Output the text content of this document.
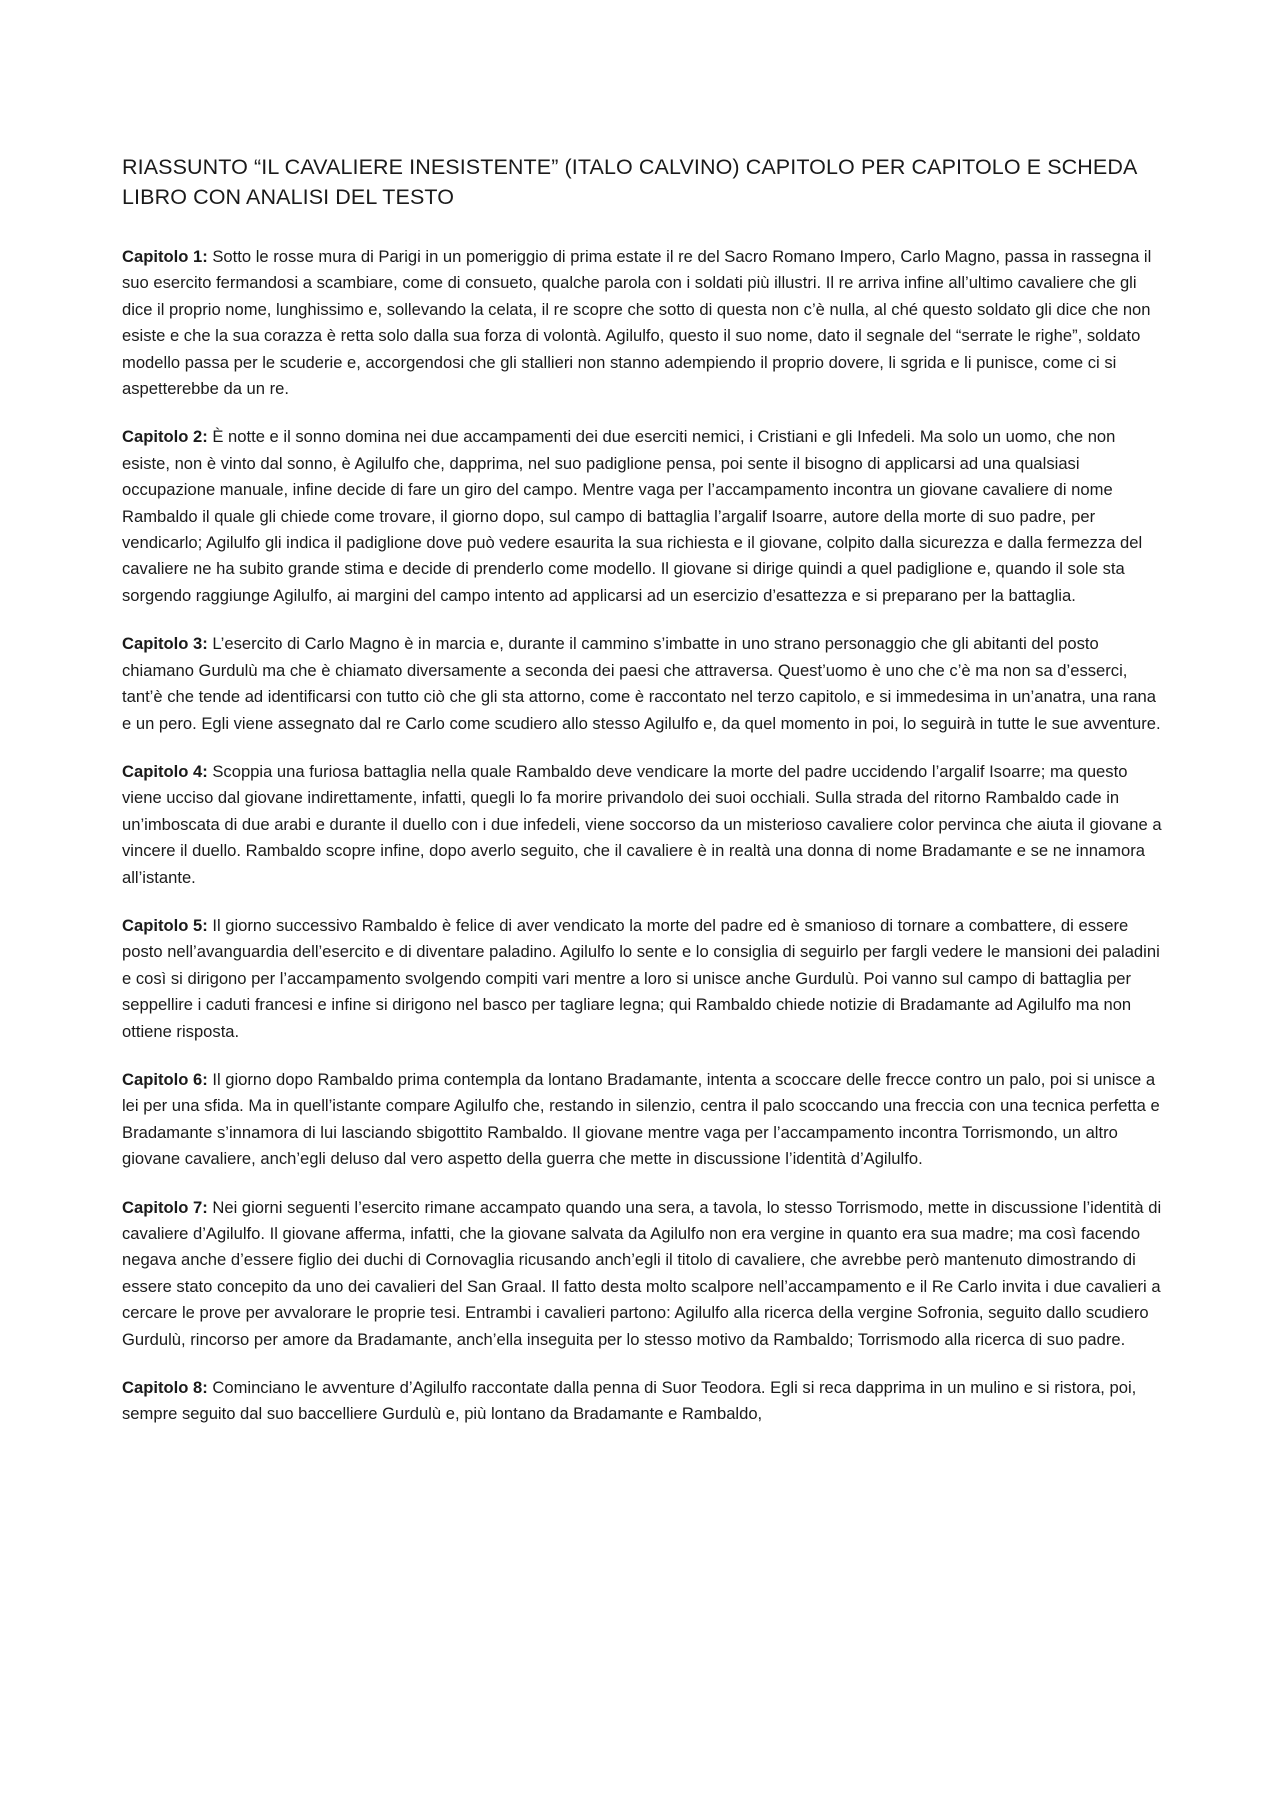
RIASSUNTO “IL CAVALIERE INESISTENTE” (ITALO CALVINO) CAPITOLO PER CAPITOLO E SCHEDA LIBRO CON ANALISI DEL TESTO

Capitolo 1: Sotto le rosse mura di Parigi in un pomeriggio di prima estate il re del Sacro Romano Impero, Carlo Magno, passa in rassegna il suo esercito fermandosi a scambiare, come di consueto, qualche parola con i soldati più illustri. Il re arriva infine all’ultimo cavaliere che gli dice il proprio nome, lunghissimo e, sollevando la celata, il re scopre che sotto di questa non c’è nulla, al ché questo soldato gli dice che non esiste e che la sua corazza è retta solo dalla sua forza di volontà. Agilulfo, questo il suo nome, dato il segnale del “serrate le righe”, soldato modello passa per le scuderie e, accorgendosi che gli stallieri non stanno adempiendo il proprio dovere, li sgrida e li punisce, come ci si aspetterebbe da un re.

Capitolo 2: È notte e il sonno domina nei due accampamenti dei due eserciti nemici, i Cristiani e gli Infedeli. Ma solo un uomo, che non esiste, non è vinto dal sonno, è Agilulfo che, dapprima, nel suo padiglione pensa, poi sente il bisogno di applicarsi ad una qualsiasi occupazione manuale, infine decide di fare un giro del campo. Mentre vaga per l’accampamento incontra un giovane cavaliere di nome Rambaldo il quale gli chiede come trovare, il giorno dopo, sul campo di battaglia l’argalif Isoarre, autore della morte di suo padre, per vendicarlo; Agilulfo gli indica il padiglione dove può vedere esaurita la sua richiesta e il giovane, colpito dalla sicurezza e dalla fermezza del cavaliere ne ha subito grande stima e decide di prenderlo come modello. Il giovane si dirige quindi a quel padiglione e, quando il sole sta sorgendo raggiunge Agilulfo, ai margini del campo intento ad applicarsi ad un esercizio d’esattezza e si preparano per la battaglia.

Capitolo 3: L’esercito di Carlo Magno è in marcia e, durante il cammino s’imbatte in uno strano personaggio che gli abitanti del posto chiamano Gurdulù ma che è chiamato diversamente a seconda dei paesi che attraversa. Quest’uomo è uno che c’è ma non sa d’esserci, tant’è che tende ad identificarsi con tutto ciò che gli sta attorno, come è raccontato nel terzo capitolo, e si immedesima in un’anatra, una rana e un pero. Egli viene assegnato dal re Carlo come scudiero allo stesso Agilulfo e, da quel momento in poi, lo seguirà in tutte le sue avventure.

Capitolo 4: Scoppia una furiosa battaglia nella quale Rambaldo deve vendicare la morte del padre uccidendo l’argalif Isoarre; ma questo viene ucciso dal giovane indirettamente, infatti, quegli lo fa morire privandolo dei suoi occhiali. Sulla strada del ritorno Rambaldo cade in un’imboscata di due arabi e durante il duello con i due infedeli, viene soccorso da un misterioso cavaliere color pervinca che aiuta il giovane a vincere il duello. Rambaldo scopre infine, dopo averlo seguito, che il cavaliere è in realtà una donna di nome Bradamante e se ne innamora all’istante.

Capitolo 5: Il giorno successivo Rambaldo è felice di aver vendicato la morte del padre ed è smanioso di tornare a combattere, di essere posto nell’avanguardia dell’esercito e di diventare paladino. Agilulfo lo sente e lo consiglia di seguirlo per fargli vedere le mansioni dei paladini e così si dirigono per l’accampamento svolgendo compiti vari mentre a loro si unisce anche Gurdulù. Poi vanno sul campo di battaglia per seppellire i caduti francesi e infine si dirigono nel basco per tagliare legna; qui Rambaldo chiede notizie di Bradamante ad Agilulfo ma non ottiene risposta.

Capitolo 6: Il giorno dopo Rambaldo prima contempla da lontano Bradamante, intenta a scoccare delle frecce contro un palo, poi si unisce a lei per una sfida. Ma in quell’istante compare Agilulfo che, restando in silenzio, centra il palo scoccando una freccia con una tecnica perfetta e Bradamante s’innamora di lui lasciando sbigottito Rambaldo. Il giovane mentre vaga per l’accampamento incontra Torrismondo, un altro giovane cavaliere, anch’egli deluso dal vero aspetto della guerra che mette in discussione l’identità d’Agilulfo.

Capitolo 7: Nei giorni seguenti l’esercito rimane accampato quando una sera, a tavola, lo stesso Torrismodo, mette in discussione l’identità di cavaliere d’Agilulfo. Il giovane afferma, infatti, che la giovane salvata da Agilulfo non era vergine in quanto era sua madre; ma così facendo negava anche d’essere figlio dei duchi di Cornovaglia ricusando anch’egli il titolo di cavaliere, che avrebbe però mantenuto dimostrando di essere stato concepito da uno dei cavalieri del San Graal. Il fatto desta molto scalpore nell’accampamento e il Re Carlo invita i due cavalieri a cercare le prove per avvalorare le proprie tesi. Entrambi i cavalieri partono: Agilulfo alla ricerca della vergine Sofronia, seguito dallo scudiero Gurdulù, rincorso per amore da Bradamante, anch’ella inseguita per lo stesso motivo da Rambaldo; Torrismodo alla ricerca di suo padre.

Capitolo 8: Cominciano le avventure d’Agilulfo raccontate dalla penna di Suor Teodora. Egli si reca dapprima in un mulino e si ristora, poi, sempre seguito dal suo baccelliere Gurdulù e, più lontano da Bradamante e Rambaldo,
